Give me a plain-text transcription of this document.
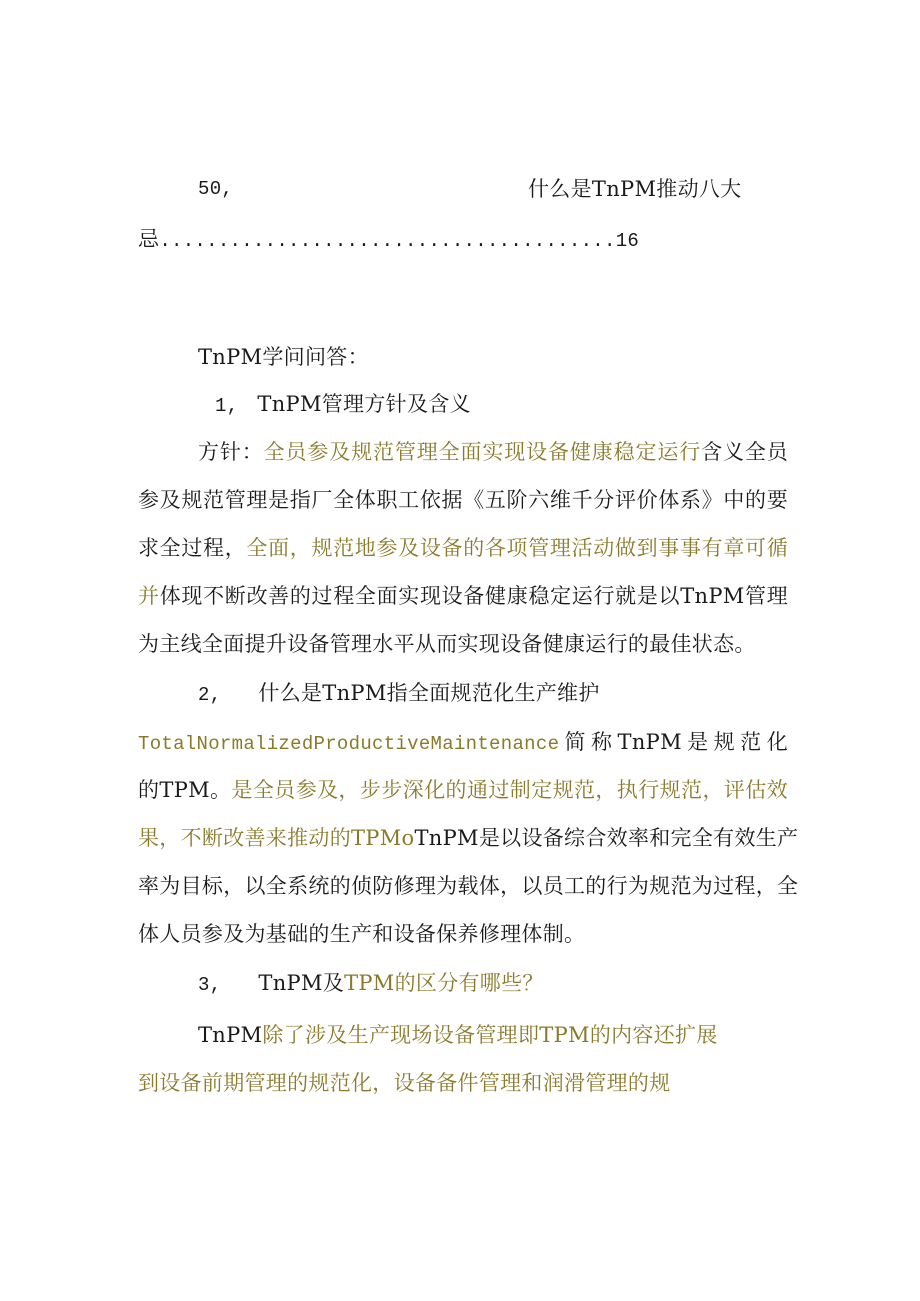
50,	什么是TnPM推动八大
忌.......................................16
TnPM学问问答：
1, TnPM管理方针及含义
方针：全员参及规范管理全面实现设备健康稳定运行含义全员
参及规范管理是指厂全体职工依据《五阶六维千分评价体系》中的要
求全过程，全面，规范地参及设备的各项管理活动做到事事有章可循
并体现不断改善的过程全面实现设备健康稳定运行就是以TnPM管理
为主线全面提升设备管理水平从而实现设备健康运行的最佳状态。
2, 什么是TnPM指全面规范化生产维护
TotalNormalizedProductiveMaintenance简称TnPM是规范化
的TPM。是全员参及，步步深化的通过制定规范，执行规范，评估效
果，不断改善来推动的TPMoTnPM是以设备综合效率和完全有效生产
率为目标，以全系统的侦防修理为载体，以员工的行为规范为过程，全
体人员参及为基础的生产和设备保养修理体制。
3, TnPM及TPM的区分有哪些？
TnPM除了涉及生产现场设备管理即TPM的内容还扩展
到设备前期管理的规范化，设备备件管理和润滑管理的规
